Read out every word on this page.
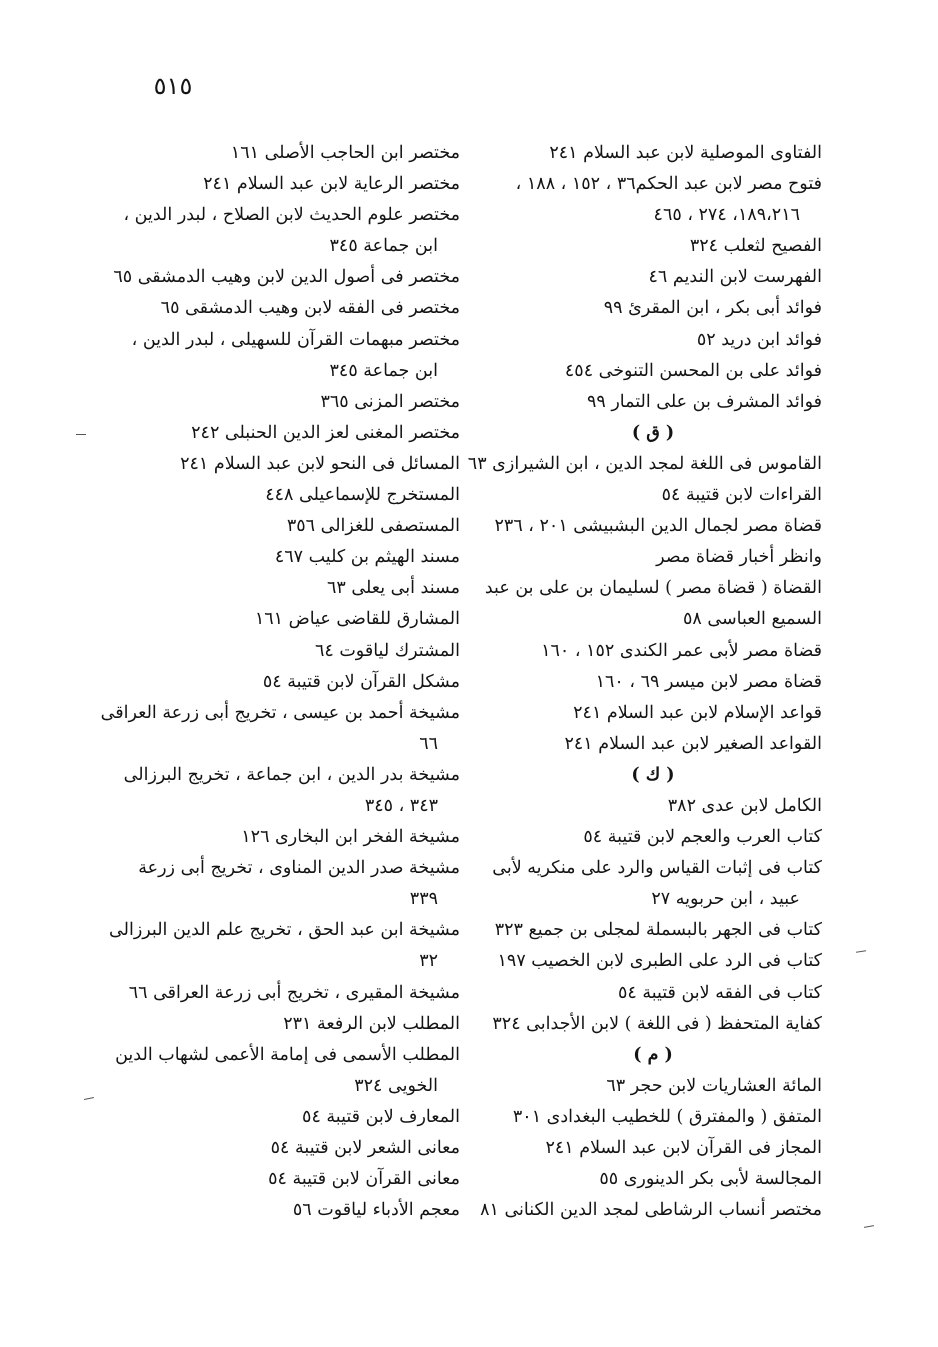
٥١٥
الفتاوى الموصلية لابن عبد السلام ٢٤١
فتوح مصر لابن عبد الحكم٣٦ ، ١٥٢ ، ١٨٨ ،
١٨٩،٢١٦، ٢٧٤ ، ٤٦٥
الفصيح لثعلب ٣٢٤
الفهرست لابن النديم ٤٦
فوائد أبى بكر ، ابن المقرئ ٩٩
فوائد ابن دريد ٥٢
فوائد على بن المحسن التنوخى ٤٥٤
فوائد المشرف بن على التمار ٩٩
( ق )
القاموس فى اللغة لمجد الدين ، ابن الشيرازى ٦٣
القراءات لابن قتيبة ٥٤
قضاة مصر لجمال الدين البشبيشى ٢٠١ ، ٢٣٦
وانظر أخبار قضاة مصر
القضاة ( قضاة مصر ) لسليمان بن على بن عبد
السميع العباسى ٥٨
قضاة مصر لأبى عمر الكندى ١٥٢ ، ١٦٠
قضاة مصر لابن ميسر ٦٩ ، ١٦٠
قواعد الإسلام لابن عبد السلام ٢٤١
القواعد الصغير لابن عبد السلام ٢٤١
( ك )
الكامل لابن عدى ٣٨٢
كتاب العرب والعجم لابن قتيبة ٥٤
كتاب فى إثبات القياس والرد على منكريه لأبى
عبيد ، ابن حربويه ٢٧
كتاب فى الجهر بالبسملة لمجلى بن جميع ٣٢٣
كتاب فى الرد على الطبرى لابن الخصيب ١٩٧
كتاب فى الفقه لابن قتيبة ٥٤
كفاية المتحفظ ( فى اللغة ) لابن الأجدابى ٣٢٤
( م )
المائة العشاريات لابن حجر ٦٣
المتفق ( والمفترق ) للخطيب البغدادى ٣٠١
المجاز فى القرآن لابن عبد السلام ٢٤١
المجالسة لأبى بكر الدينورى ٥٥
مختصر أنساب الرشاطى لمجد الدين الكنانى ٨١
مختصر ابن الحاجب الأصلى ١٦١
مختصر الرعاية لابن عبد السلام ٢٤١
مختصر علوم الحديث لابن الصلاح ، لبدر الدين ،
ابن جماعة ٣٤٥
مختصر فى أصول الدين لابن وهيب الدمشقى ٦٥
مختصر فى الفقه لابن وهيب الدمشقى ٦٥
مختصر مبهمات القرآن للسهيلى ، لبدر الدين ،
ابن جماعة ٣٤٥
مختصر المزنى ٣٦٥
مختصر المغنى لعز الدين الحنبلى ٢٤٢
المسائل فى النحو لابن عبد السلام ٢٤١
المستخرج للإسماعيلى ٤٤٨
المستصفى للغزالى ٣٥٦
مسند الهيثم بن كليب ٤٦٧
مسند أبى يعلى ٦٣
المشارق للقاضى عياض ١٦١
المشترك لياقوت ٦٤
مشكل القرآن لابن قتيبة ٥٤
مشيخة أحمد بن عيسى ، تخريج أبى زرعة العراقى
٦٦
مشيخة بدر الدين ، ابن جماعة ، تخريج البرزالى
٣٤٣ ، ٣٤٥
مشيخة الفخر ابن البخارى ١٢٦
مشيخة صدر الدين المناوى ، تخريج أبى زرعة
٣٣٩
مشيخة ابن عبد الحق ، تخريج علم الدين البرزالى
٣٢
مشيخة المقيرى ، تخريج أبى زرعة العراقى ٦٦
المطلب لابن الرفعة ٢٣١
المطلب الأسمى فى إمامة الأعمى لشهاب الدين
الخويى ٣٢٤
المعارف لابن قتيبة ٥٤
معانى الشعر لابن قتيبة ٥٤
معانى القرآن لابن قتيبة ٥٤
معجم الأدباء لياقوت ٥٦
